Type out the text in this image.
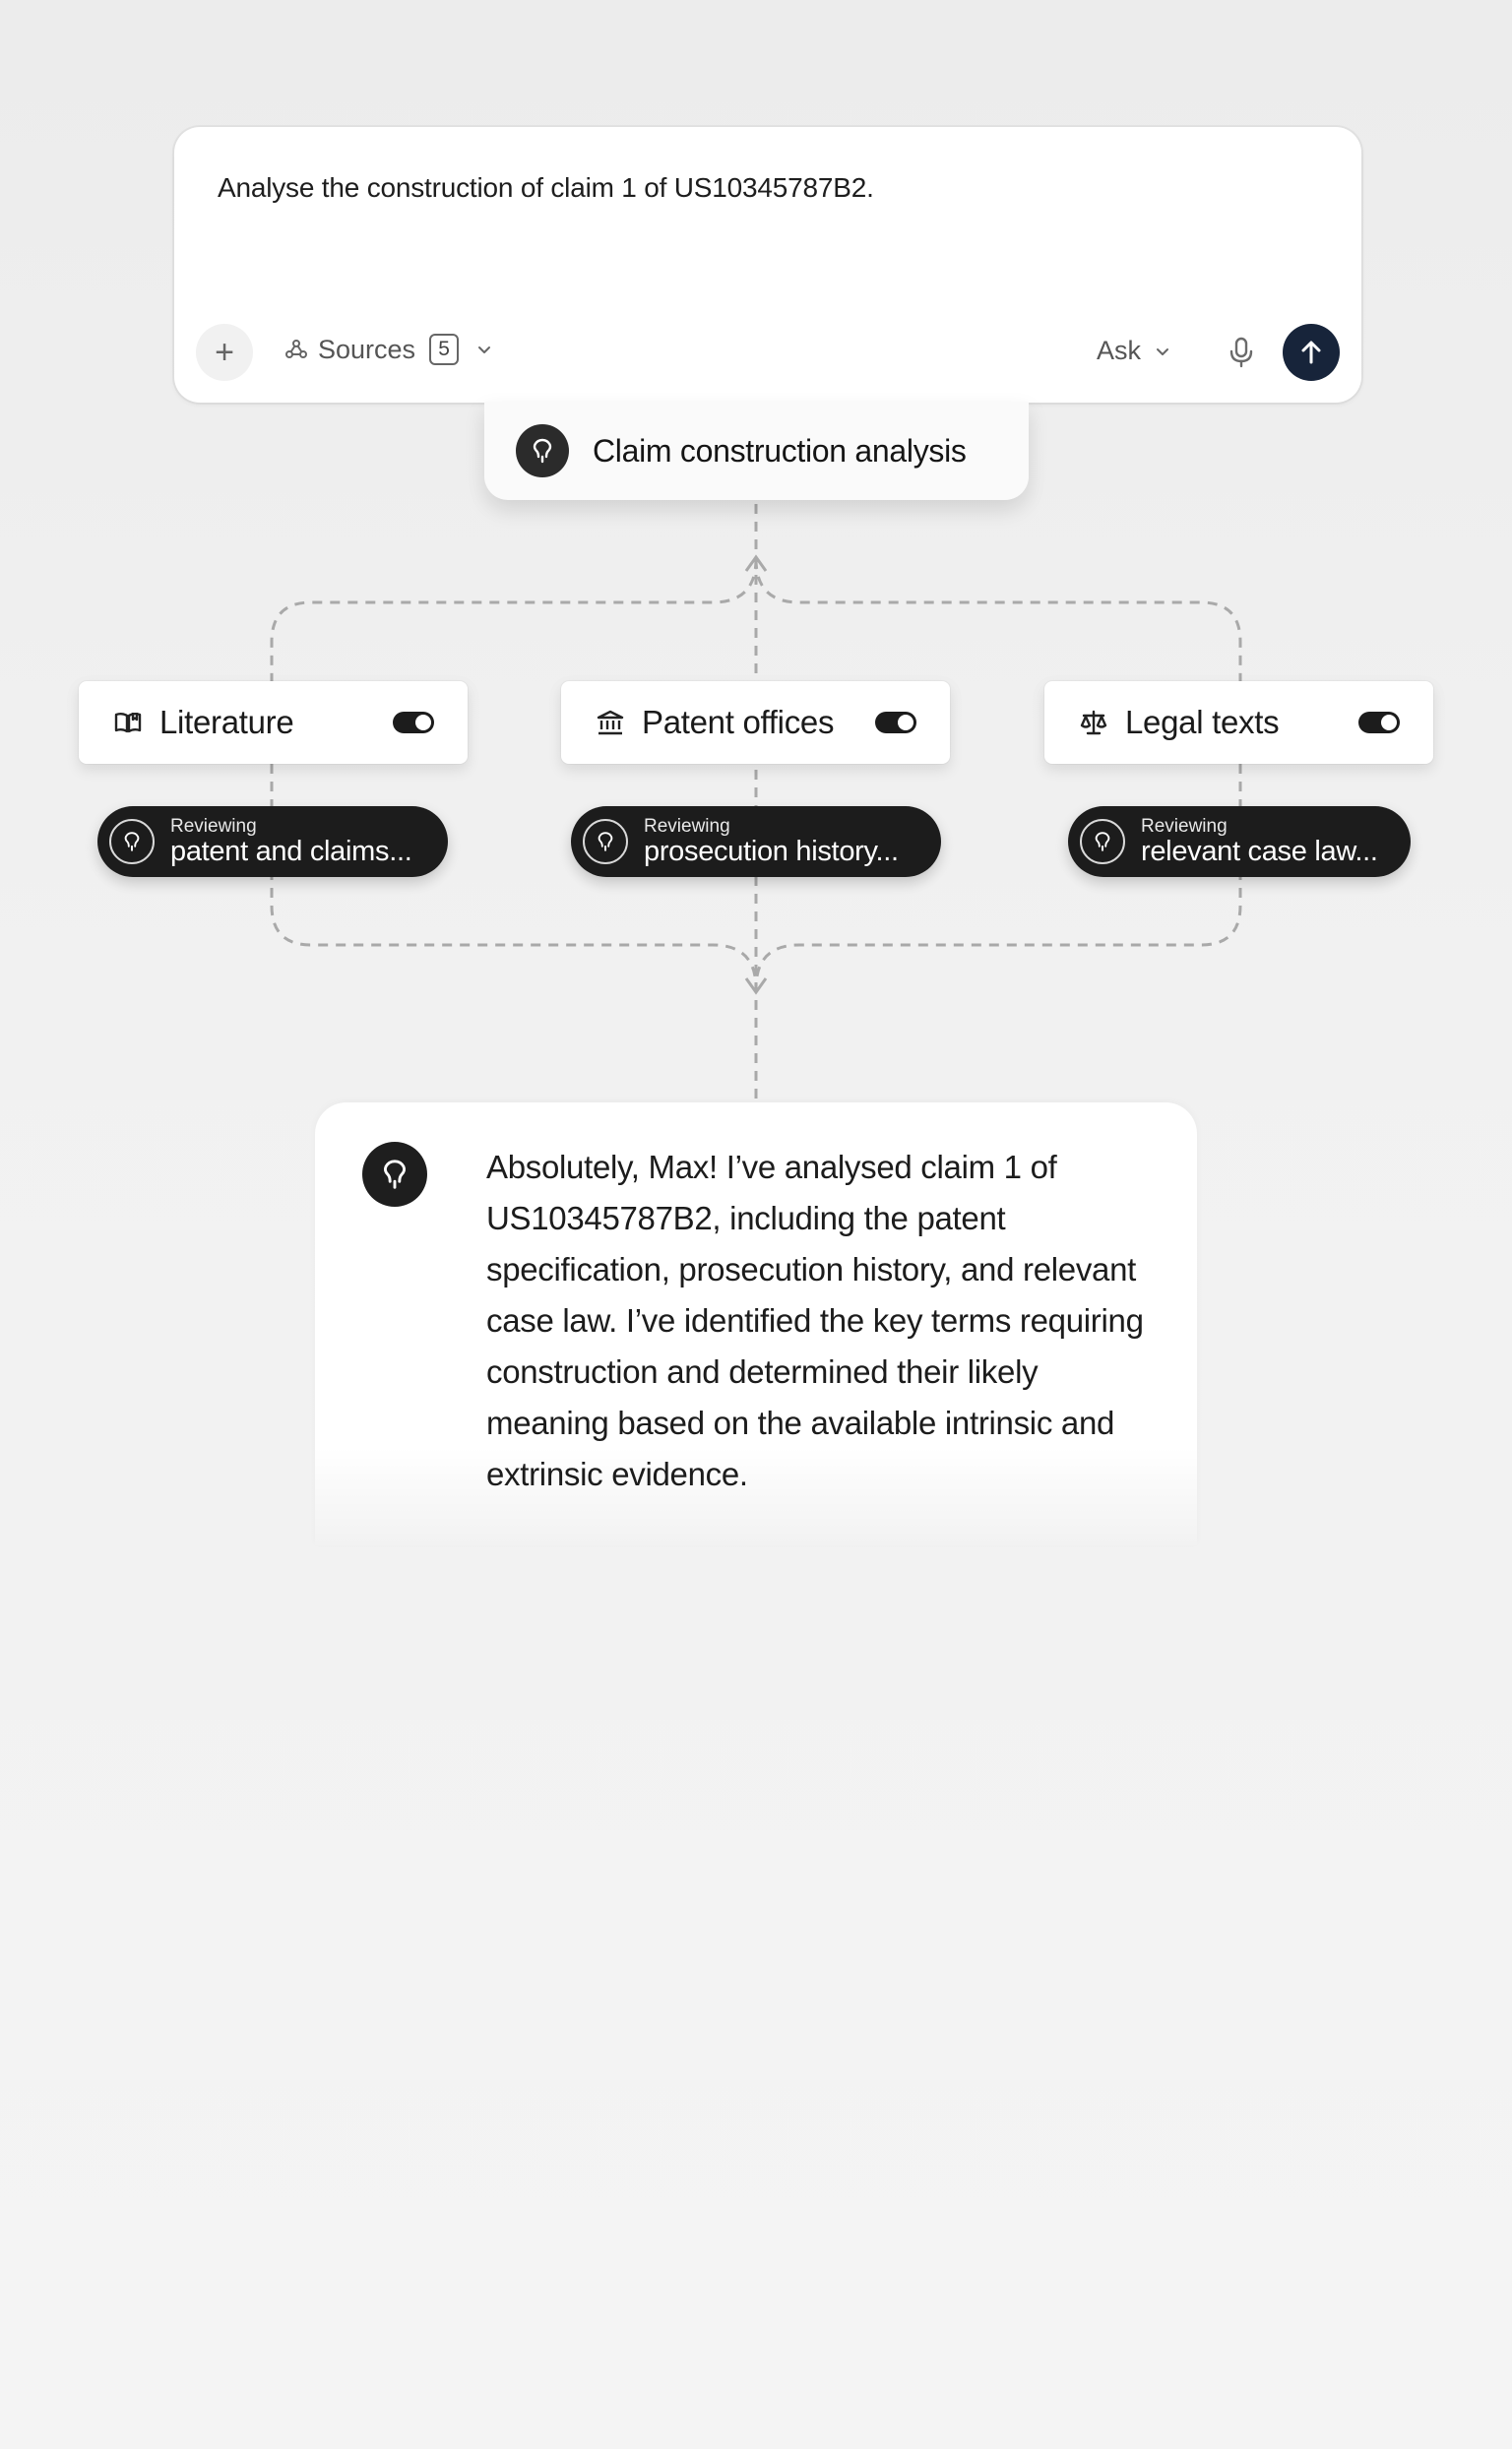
Analyse the construction of claim 1 of US10345787B2.
+	Sources	5	Ask
Claim construction analysis
Literature	Patent offices	Legal texts
Reviewing
patent and claims...
Reviewing
prosecution history...
Reviewing
relevant case law...
Absolutely, Max! I’ve analysed claim 1 of US10345787B2, including the patent specification, prosecution history, and relevant case law. I’ve identified the key terms requiring construction and determined their likely meaning based on the available intrinsic and extrinsic evidence.
